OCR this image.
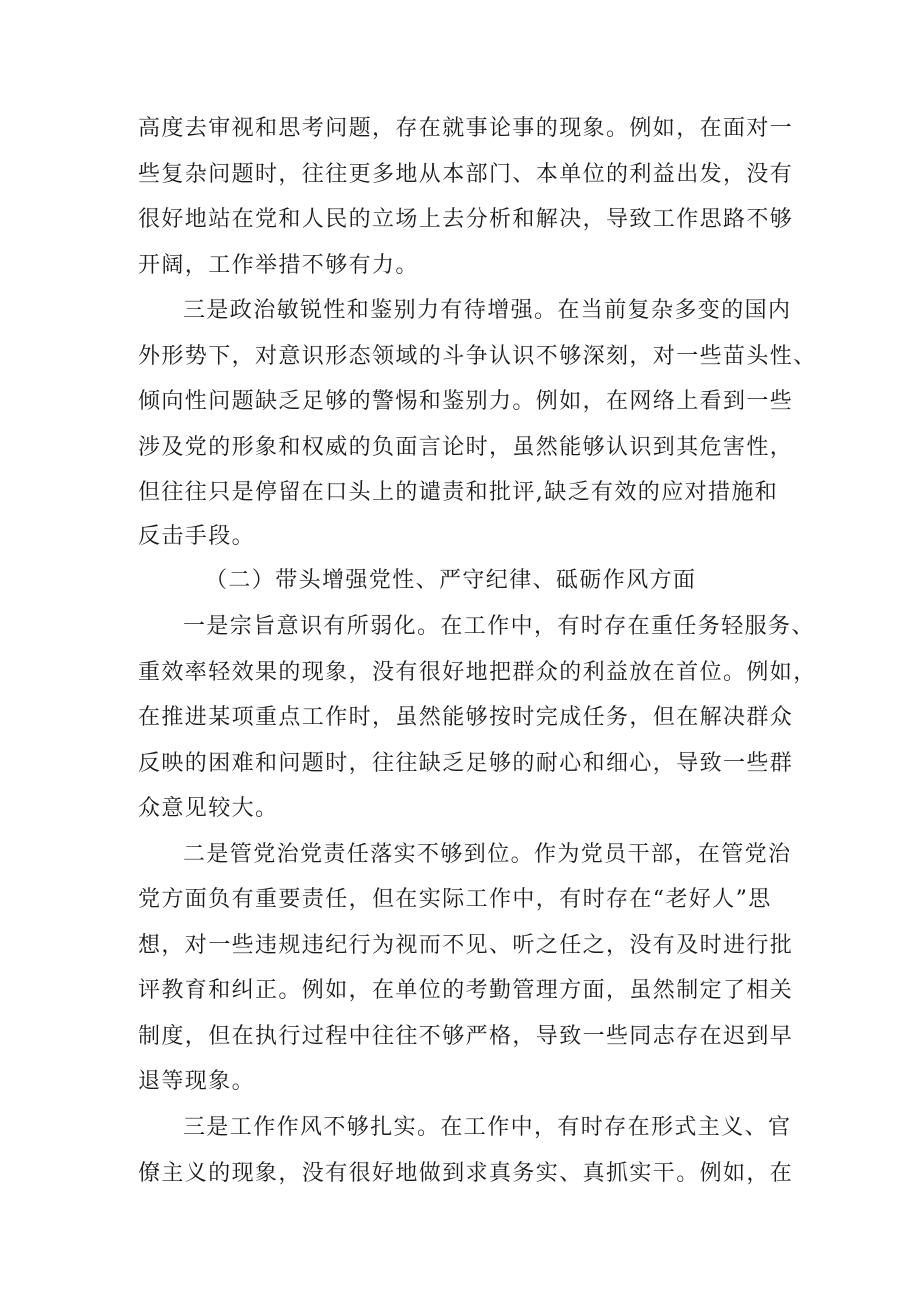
高度去审视和思考问题，存在就事论事的现象。例如，在面对一
些复杂问题时，往往更多地从本部门、本单位的利益出发，没有
很好地站在党和人民的立场上去分析和解决，导致工作思路不够
开阔，工作举措不够有力。
三是政治敏锐性和鉴别力有待增强。在当前复杂多变的国内
外形势下，对意识形态领域的斗争认识不够深刻，对一些苗头性、
倾向性问题缺乏足够的警惕和鉴别力。例如，在网络上看到一些
涉及党的形象和权威的负面言论时，虽然能够认识到其危害性，
但往往只是停留在口头上的谴责和批评,缺乏有效的应对措施和
反击手段。
（二）带头增强党性、严守纪律、砥砺作风方面
一是宗旨意识有所弱化。在工作中，有时存在重任务轻服务、
重效率轻效果的现象，没有很好地把群众的利益放在首位。例如，
在推进某项重点工作时，虽然能够按时完成任务，但在解决群众
反映的困难和问题时，往往缺乏足够的耐心和细心，导致一些群
众意见较大。
二是管党治党责任落实不够到位。作为党员干部，在管党治
党方面负有重要责任，但在实际工作中，有时存在“老好人”思
想，对一些违规违纪行为视而不见、听之任之，没有及时进行批
评教育和纠正。例如，在单位的考勤管理方面，虽然制定了相关
制度，但在执行过程中往往不够严格，导致一些同志存在迟到早
退等现象。
三是工作作风不够扎实。在工作中，有时存在形式主义、官
僚主义的现象，没有很好地做到求真务实、真抓实干。例如，在
